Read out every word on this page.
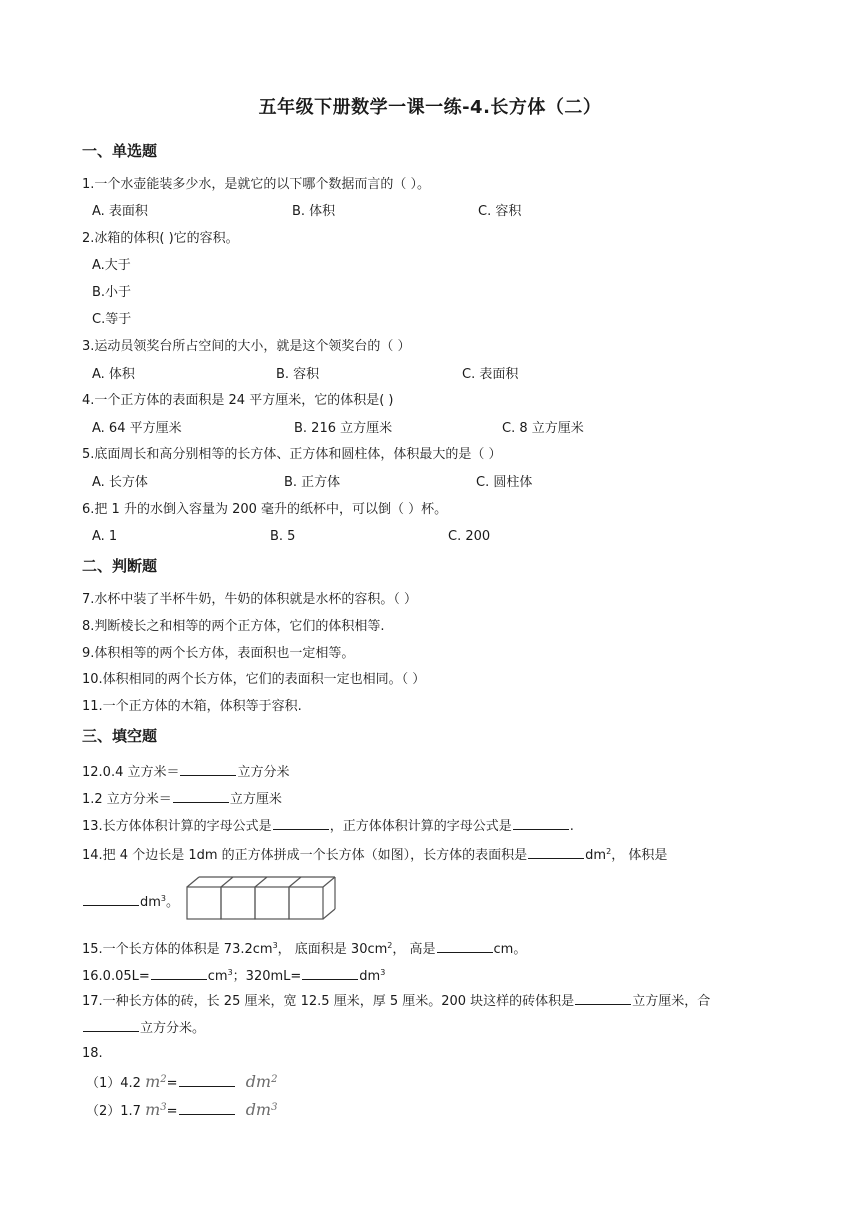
五年级下册数学一课一练-4.长方体（二）
一、单选题
1.一个水壶能装多少水，是就它的以下哪个数据而言的（ ）。
A. 表面积	B. 体积	C. 容积
2.冰箱的体积( )它的容积。
A.大于
B.小于
C.等于
3.运动员领奖台所占空间的大小，就是这个领奖台的（ ）
A. 体积	B. 容积	C. 表面积
4.一个正方体的表面积是 24 平方厘米，它的体积是( )
A. 64 平方厘米	B. 216 立方厘米	C. 8 立方厘米
5.底面周长和高分别相等的长方体、正方体和圆柱体，体积最大的是（ ）
A. 长方体	B. 正方体	C. 圆柱体
6.把 1 升的水倒入容量为 200 毫升的纸杯中，可以倒（ ）杯。
A. 1	B. 5	C. 200
二、判断题
7.水杯中装了半杯牛奶，牛奶的体积就是水杯的容积。（ ）
8.判断棱长之和相等的两个正方体，它们的体积相等.
9.体积相等的两个长方体，表面积也一定相等。
10.体积相同的两个长方体，它们的表面积一定也相同。（ ）
11.一个正方体的木箱，体积等于容积.
三、填空题
12.0.4 立方米＝	立方分米
1.2 立方分米＝	立方厘米
13.长方体体积计算的字母公式是	，正方体体积计算的字母公式是	.
14.把 4 个边长是 1dm 的正方体拼成一个长方体（如图），长方体的表面积是	$dm^2$， 体积是
$dm^3$。
15.一个长方体的体积是 $73.2cm^3$， 底面积是 $30cm^2$， 高是	cm。
16.0.05L=	$cm^3$；320mL=	$dm^3$
17.一种长方体的砖，长 25 厘米，宽 12.5 厘米，厚 5 厘米。200 块这样的砖体积是	立方厘米，合
立方分米。
18.
（1）4.2 $m^2=$	$dm^2$
（2）1.7 $m^3=$	$dm^3$
